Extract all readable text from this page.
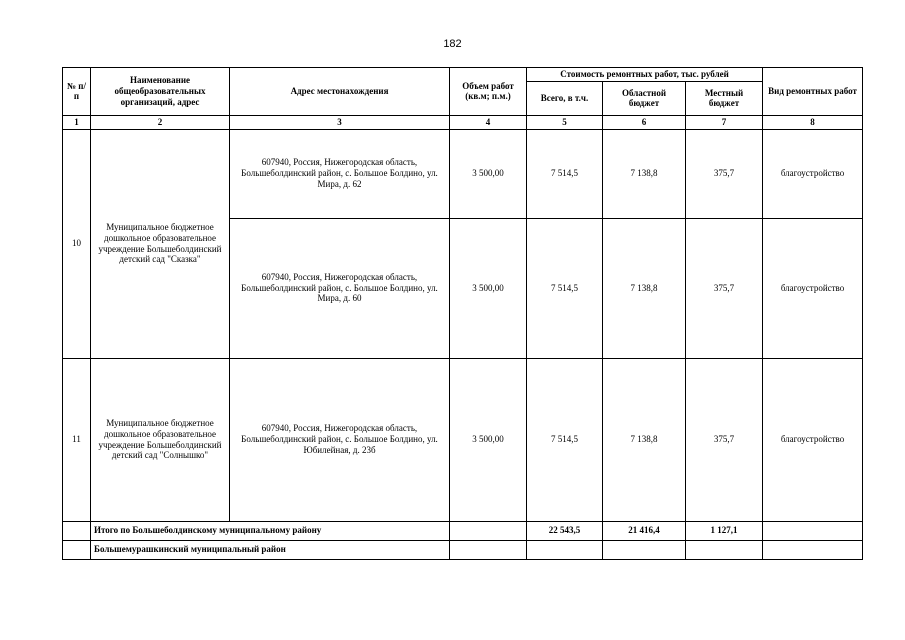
182
№ п/п	Наименование общеобразовательных организаций, адрес	Адрес местонахождения	Объем работ (кв.м; п.м.)	Стоимость ремонтных работ, тыс. рублей			Вид ремонтных работ
				Всего, в т.ч.	Областной бюджет	Местный бюджет	
1	2	3	4	5	6	7	8
10	Муниципальное бюджетное дошкольное образовательное учреждение Большеболдинский детский сад "Сказка"	607940, Россия, Нижегородская область, Большеболдинский район, с. Большое Болдино, ул. Мира, д. 62	3 500,00	7 514,5	7 138,8	375,7	благоустройство
		607940, Россия, Нижегородская область, Большеболдинский район, с. Большое Болдино, ул. Мира, д. 60	3 500,00	7 514,5	7 138,8	375,7	благоустройство
11	Муниципальное бюджетное дошкольное образовательное учреждение Большеболдинский детский сад "Солнышко"	607940, Россия, Нижегородская область, Большеболдинский район, с. Большое Болдино, ул. Юбилейная, д. 23б	3 500,00	7 514,5	7 138,8	375,7	благоустройство
	Итого по Большеболдинскому муниципальному району			22 543,5	21 416,4	1 127,1	
	Большемурашкинский муниципальный район						
